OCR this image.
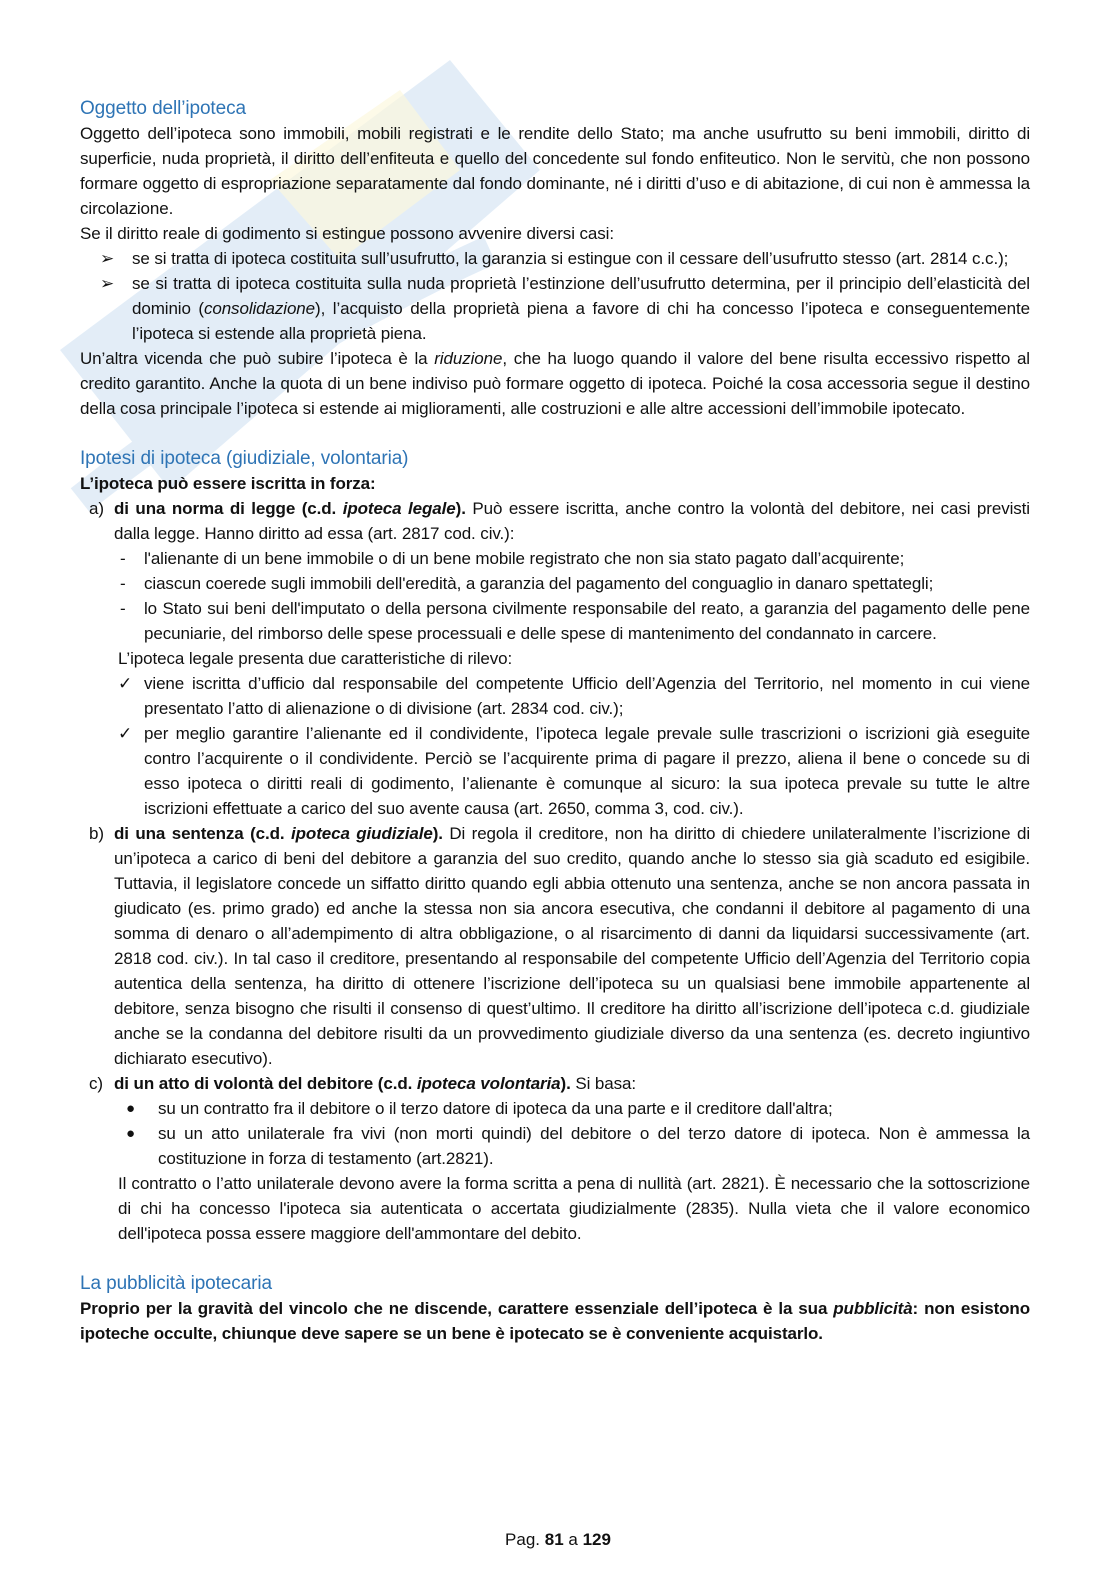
Oggetto dell’ipoteca

Oggetto dell’ipoteca sono immobili, mobili registrati e le rendite dello Stato; ma anche usufrutto su beni immobili, diritto di superficie, nuda proprietà, il diritto dell’enfiteuta e quello del concedente sul fondo enfiteutico. Non le servitù, che non possono formare oggetto di espropriazione separatamente dal fondo dominante, né i diritti d’uso e di abitazione, di cui non è ammessa la circolazione.

Se il diritto reale di godimento si estingue possono avvenire diversi casi:

➢ se si tratta di ipoteca costituita sull’usufrutto, la garanzia si estingue con il cessare dell’usufrutto stesso (art. 2814 c.c.);
➢ se si tratta di ipoteca costituita sulla nuda proprietà l’estinzione dell’usufrutto determina, per il principio dell’elasticità del dominio (consolidazione), l’acquisto della proprietà piena a favore di chi ha concesso l’ipoteca e conseguentemente l’ipoteca si estende alla proprietà piena.

Un’altra vicenda che può subire l’ipoteca è la riduzione, che ha luogo quando il valore del bene risulta eccessivo rispetto al credito garantito. Anche la quota di un bene indiviso può formare oggetto di ipoteca. Poiché la cosa accessoria segue il destino della cosa principale l’ipoteca si estende ai miglioramenti, alle costruzioni e alle altre accessioni dell’immobile ipotecato.

Ipotesi di ipoteca (giudiziale, volontaria)

L’ipoteca può essere iscritta in forza:

a) di una norma di legge (c.d. ipoteca legale). Può essere iscritta, anche contro la volontà del debitore, nei casi previsti dalla legge. Hanno diritto ad essa (art. 2817 cod. civ.):
- l'alienante di un bene immobile o di un bene mobile registrato che non sia stato pagato dall’acquirente;
- ciascun coerede sugli immobili dell'eredità, a garanzia del pagamento del conguaglio in danaro spettategli;
- lo Stato sui beni dell'imputato o della persona civilmente responsabile del reato, a garanzia del pagamento delle pene pecuniarie, del rimborso delle spese processuali e delle spese di mantenimento del condannato in carcere.

L’ipoteca legale presenta due caratteristiche di rilevo:

✓ viene iscritta d’ufficio dal responsabile del competente Ufficio dell’Agenzia del Territorio, nel momento in cui viene presentato l’atto di alienazione o di divisione (art. 2834 cod. civ.);
✓ per meglio garantire l’alienante ed il condividente, l’ipoteca legale prevale sulle trascrizioni o iscrizioni già eseguite contro l’acquirente o il condividente. Perciò se l’acquirente prima di pagare il prezzo, aliena il bene o concede su di esso ipoteca o diritti reali di godimento, l’alienante è comunque al sicuro: la sua ipoteca prevale su tutte le altre iscrizioni effettuate a carico del suo avente causa (art. 2650, comma 3, cod. civ.).
b) di una sentenza (c.d. ipoteca giudiziale). Di regola il creditore, non ha diritto di chiedere unilateralmente l’iscrizione di un’ipoteca a carico di beni del debitore a garanzia del suo credito, quando anche lo stesso sia già scaduto ed esigibile. Tuttavia, il legislatore concede un siffatto diritto quando egli abbia ottenuto una sentenza, anche se non ancora passata in giudicato (es. primo grado) ed anche la stessa non sia ancora esecutiva, che condanni il debitore al pagamento di una somma di denaro o all’adempimento di altra obbligazione, o al risarcimento di danni da liquidarsi successivamente (art. 2818 cod. civ.). In tal caso il creditore, presentando al responsabile del competente Ufficio dell’Agenzia del Territorio copia autentica della sentenza, ha diritto di ottenere l’iscrizione dell’ipoteca su un qualsiasi bene immobile appartenente al debitore, senza bisogno che risulti il consenso di quest’ultimo. Il creditore ha diritto all’iscrizione dell’ipoteca c.d. giudiziale anche se la condanna del debitore risulti da un provvedimento giudiziale diverso da una sentenza (es. decreto ingiuntivo dichiarato esecutivo).
c) di un atto di volontà del debitore (c.d. ipoteca volontaria). Si basa:
● su un contratto fra il debitore o il terzo datore di ipoteca da una parte e il creditore dall'altra;
● su un atto unilaterale fra vivi (non morti quindi) del debitore o del terzo datore di ipoteca. Non è ammessa la costituzione in forza di testamento (art.2821).

Il contratto o l’atto unilaterale devono avere la forma scritta a pena di nullità (art. 2821). È necessario che la sottoscrizione di chi ha concesso l'ipoteca sia autenticata o accertata giudizialmente (2835). Nulla vieta che il valore economico dell'ipoteca possa essere maggiore dell'ammontare del debito.

La pubblicità ipotecaria

Proprio per la gravità del vincolo che ne discende, carattere essenziale dell’ipoteca è la sua pubblicità: non esistono ipoteche occulte, chiunque deve sapere se un bene è ipotecato se è conveniente acquistarlo.

Pag. 81 a 129
